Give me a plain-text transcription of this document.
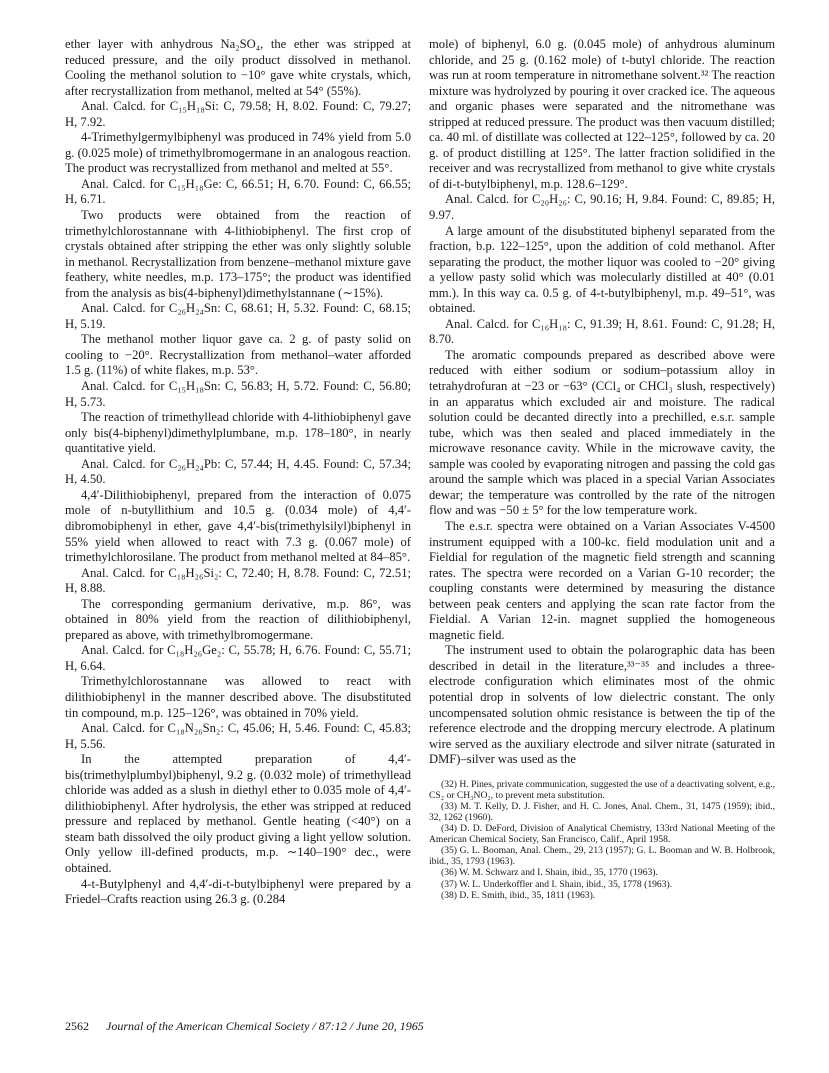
ether layer with anhydrous Na₂SO₄, the ether was stripped at reduced pressure, and the oily product dissolved in methanol. Cooling the methanol solution to −10° gave white crystals, which, after recrystallization from methanol, melted at 54° (55%).

Anal. Calcd. for C₁₅H₁₈Si: C, 79.58; H, 8.02. Found: C, 79.27; H, 7.92.

4-Trimethylgermylbiphenyl was produced in 74% yield from 5.0 g. (0.025 mole) of trimethylbromogermane in an analogous reaction. The product was recrystallized from methanol and melted at 55°.

Anal. Calcd. for C₁₅H₁₈Ge: C, 66.51; H, 6.70. Found: C, 66.55; H, 6.71.

Two products were obtained from the reaction of trimethylchlorostannane with 4-lithiobiphenyl. The first crop of crystals obtained after stripping the ether was only slightly soluble in methanol. Recrystallization from benzene–methanol mixture gave feathery, white needles, m.p. 173–175°; the product was identified from the analysis as bis(4-biphenyl)dimethylstannane (∼15%).

Anal. Calcd. for C₂₆H₂₄Sn: C, 68.61; H, 5.32. Found: C, 68.15; H, 5.19.

The methanol mother liquor gave ca. 2 g. of pasty solid on cooling to −20°. Recrystallization from methanol–water afforded 1.5 g. (11%) of white flakes, m.p. 53°.

Anal. Calcd. for C₁₅H₁₈Sn: C, 56.83; H, 5.72. Found: C, 56.80; H, 5.73.

The reaction of trimethyllead chloride with 4-lithiobiphenyl gave only bis(4-biphenyl)dimethylplumbane, m.p. 178–180°, in nearly quantitative yield.

Anal. Calcd. for C₂₆H₂₄Pb: C, 57.44; H, 4.45. Found: C, 57.34; H, 4.50.

4,4′-Dilithiobiphenyl, prepared from the interaction of 0.075 mole of n-butyllithium and 10.5 g. (0.034 mole) of 4,4′-dibromobiphenyl in ether, gave 4,4′-bis(trimethylsilyl)biphenyl in 55% yield when allowed to react with 7.3 g. (0.067 mole) of trimethylchlorosilane. The product from methanol melted at 84–85°.

Anal. Calcd. for C₁₈H₂₆Si₂: C, 72.40; H, 8.78. Found: C, 72.51; H, 8.88.

The corresponding germanium derivative, m.p. 86°, was obtained in 80% yield from the reaction of dilithiobiphenyl, prepared as above, with trimethylbromogermane.

Anal. Calcd. for C₁₈H₂₆Ge₂: C, 55.78; H, 6.76. Found: C, 55.71; H, 6.64.

Trimethylchlorostannane was allowed to react with dilithiobiphenyl in the manner described above. The disubstituted tin compound, m.p. 125–126°, was obtained in 70% yield.

Anal. Calcd. for C₁₈N₂₆Sn₂: C, 45.06; H, 5.46. Found: C, 45.83; H, 5.56.

In the attempted preparation of 4,4′-bis(trimethylplumbyl)biphenyl, 9.2 g. (0.032 mole) of trimethyllead chloride was added as a slush in diethyl ether to 0.035 mole of 4,4′-dilithiobiphenyl. After hydrolysis, the ether was stripped at reduced pressure and replaced by methanol. Gentle heating (<40°) on a steam bath dissolved the oily product giving a light yellow solution. Only yellow ill-defined products, m.p. ∼140–190° dec., were obtained.

4-t-Butylphenyl and 4,4′-di-t-butylbiphenyl were prepared by a Friedel–Crafts reaction using 26.3 g. (0.284

mole) of biphenyl, 6.0 g. (0.045 mole) of anhydrous aluminum chloride, and 25 g. (0.162 mole) of t-butyl chloride. The reaction was run at room temperature in nitromethane solvent.³² The reaction mixture was hydrolyzed by pouring it over cracked ice. The aqueous and organic phases were separated and the nitromethane was stripped at reduced pressure. The product was then vacuum distilled; ca. 40 ml. of distillate was collected at 122–125°, followed by ca. 20 g. of product distilling at 125°. The latter fraction solidified in the receiver and was recrystallized from methanol to give white crystals of di-t-butylbiphenyl, m.p. 128.6–129°.

Anal. Calcd. for C₂₀H₂₆: C, 90.16; H, 9.84. Found: C, 89.85; H, 9.97.

A large amount of the disubstituted biphenyl separated from the fraction, b.p. 122–125°, upon the addition of cold methanol. After separating the product, the mother liquor was cooled to −20° giving a yellow pasty solid which was molecularly distilled at 40° (0.01 mm.). In this way ca. 0.5 g. of 4-t-butylbiphenyl, m.p. 49–51°, was obtained.

Anal. Calcd. for C₁₆H₁₈: C, 91.39; H, 8.61. Found: C, 91.28; H, 8.70.

The aromatic compounds prepared as described above were reduced with either sodium or sodium–potassium alloy in tetrahydrofuran at −23 or −63° (CCl₄ or CHCl₃ slush, respectively) in an apparatus which excluded air and moisture. The radical solution could be decanted directly into a prechilled, e.s.r. sample tube, which was then sealed and placed immediately in the microwave resonance cavity. While in the microwave cavity, the sample was cooled by evaporating nitrogen and passing the cold gas around the sample which was placed in a special Varian Associates dewar; the temperature was controlled by the rate of the nitrogen flow and was −50 ± 5° for the low temperature work.

The e.s.r. spectra were obtained on a Varian Associates V-4500 instrument equipped with a 100-kc. field modulation unit and a Fieldial for regulation of the magnetic field strength and scanning rates. The spectra were recorded on a Varian G-10 recorder; the coupling constants were determined by measuring the distance between peak centers and applying the scan rate factor from the Fieldial. A Varian 12-in. magnet supplied the homogeneous magnetic field.

The instrument used to obtain the polarographic data has been described in detail in the literature,³³⁻³⁵ and includes a three-electrode configuration which eliminates most of the ohmic potential drop in solvents of low dielectric constant. The only uncompensated solution ohmic resistance is between the tip of the reference electrode and the dropping mercury electrode. A platinum wire served as the auxiliary electrode and silver nitrate (saturated in DMF)–silver was used as the

(32) H. Pines, private communication, suggested the use of a deactivating solvent, e.g., CS₂ or CH₃NO₂, to prevent meta substitution.

(33) M. T. Kelly, D. J. Fisher, and H. C. Jones, Anal. Chem., 31, 1475 (1959); ibid., 32, 1262 (1960).

(34) D. D. DeFord, Division of Analytical Chemistry, 133rd National Meeting of the American Chemical Society, San Francisco, Calif., April 1958.

(35) G. L. Booman, Anal. Chem., 29, 213 (1957); G. L. Booman and W. B. Holbrook, ibid., 35, 1793 (1963).

(36) W. M. Schwarz and I. Shain, ibid., 35, 1770 (1963).

(37) W. L. Underkoffler and I. Shain, ibid., 35, 1778 (1963).

(38) D. E. Smith, ibid., 35, 1811 (1963).

2562 Journal of the American Chemical Society / 87:12 / June 20, 1965
